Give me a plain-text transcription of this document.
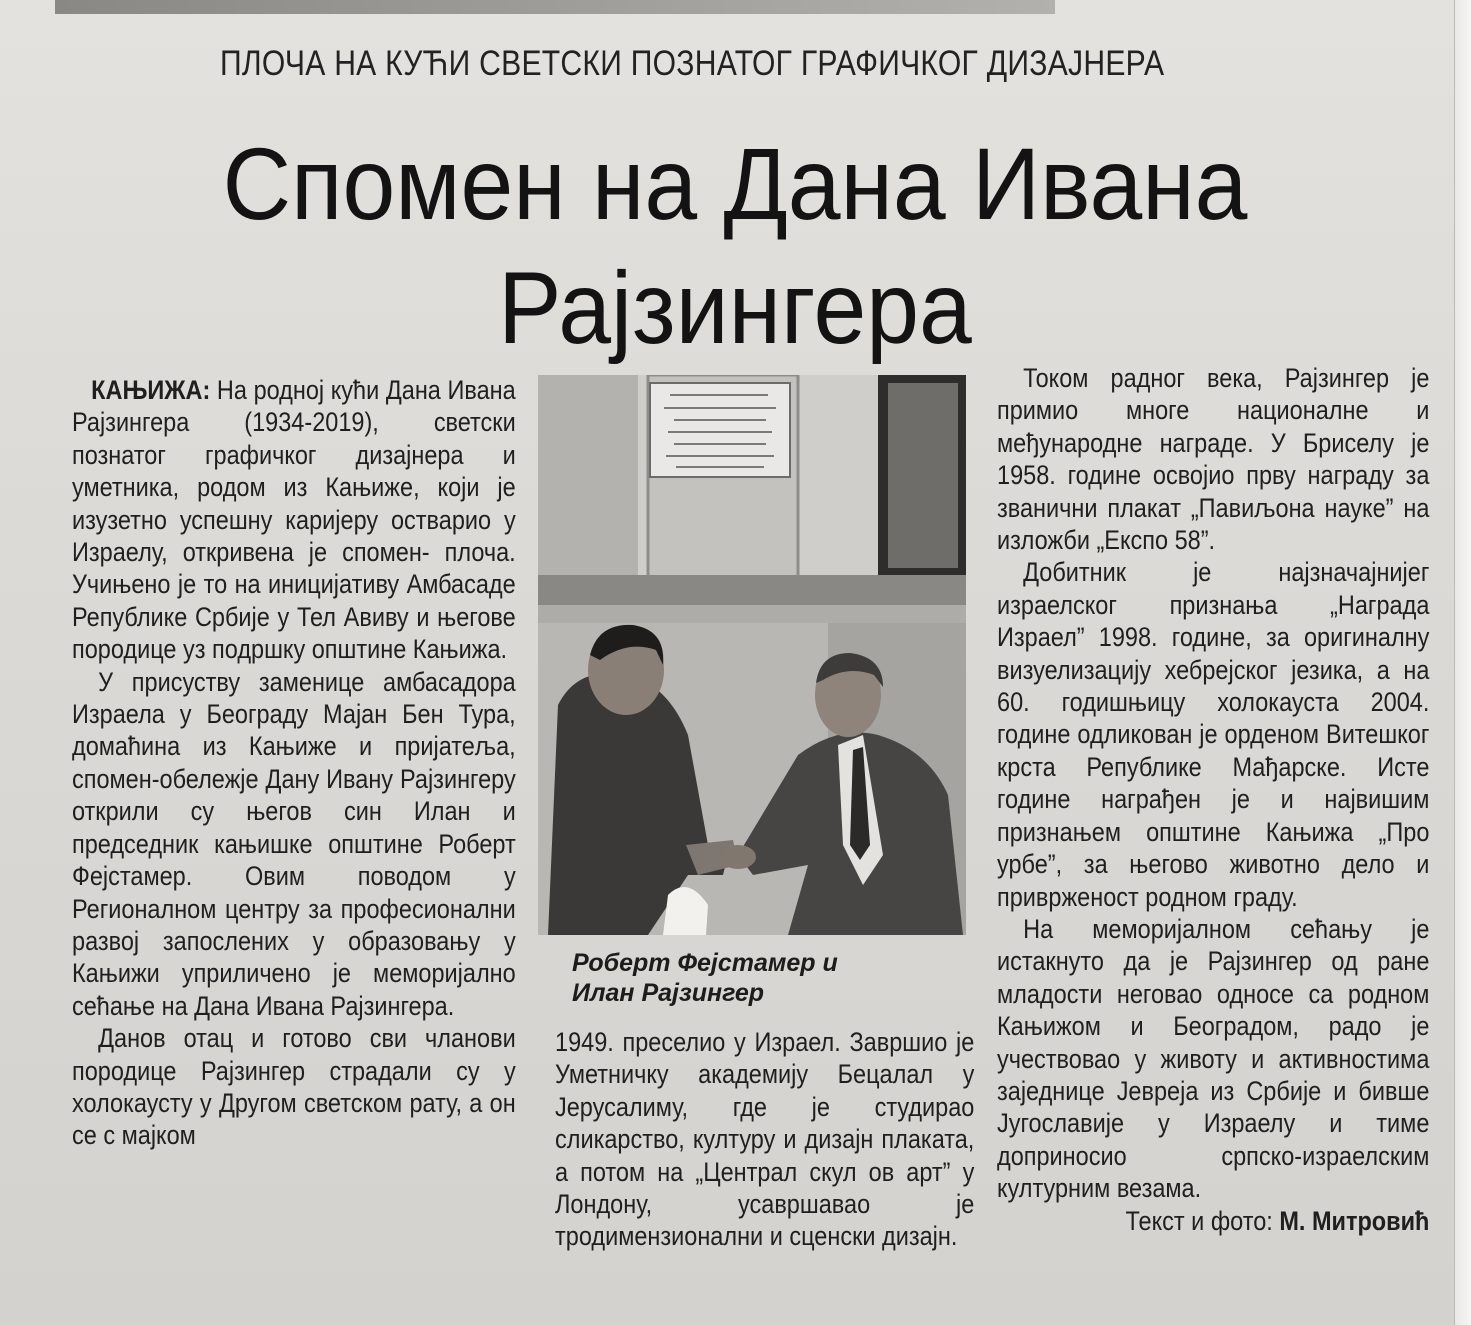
ПЛОЧА НА КУЋИ СВЕТСКИ ПОЗНАТОГ ГРАФИЧКОГ ДИЗАЈНЕРА
Спомен на Дана Ивана
Рајзингера

КАЊИЖА: На родној кући Дана Ивана Рајзингера (1934-2019), светски познатог графичког дизајнера и уметника, родом из Кањиже, који је изузетно успешну каријеру остварио у Израелу, откривена је спомен- плоча. Учињено је то на иницијативу Амбасаде Републике Србије у Тел Авиву и његове породице уз подршку општине Кањижа.

У присуству заменице амбасадора Израела у Београду Мајан Бен Тура, домаћина из Кањиже и пријатеља, спомен-обележје Дану Ивану Рајзингеру открили су његов син Илан и председник кањишке општине Роберт Фејстамер. Овим поводом у Регионалном центру за професионални развој запослених у образовању у Кањижи уприличено је меморијално сећање на Дана Ивана Рајзингера.

Данов отац и готово сви чланови породице Рајзингер страдали су у холокаусту у Другом светском рату, а он се с мајком

Роберт Фејстамер и
Илан Рајзингер

1949. преселио у Израел. Завршио је Уметничку академију Бецалал у Јерусалиму, где је студирао сликарство, културу и дизајн плаката, а потом на „Централ скул ов арт” у Лондону, усавршавао је тродимензионални и сценски дизајн.

Током радног века, Рајзингер је примио многе националне и међународне награде. У Бриселу је 1958. године освојио прву награду за званични плакат „Павиљона науке” на изложби „Експо 58”.

Добитник је најзначајнијег израелског признања „Награда Израел” 1998. године, за оригиналну визуелизацију хебрејског језика, а на 60. годишњицу холокауста 2004. године одликован је орденом Витешког крста Републике Мађарске. Исте године награђен је и највишим признањем општине Кањижа „Про урбе”, за његово животно дело и привржeност родном граду.

На меморијалном сећању је истакнуто да је Рајзингер од ране младости неговао односе са родном Кањижом и Београдом, радо је учествовао у животу и активностима заједнице Јевреја из Србије и бивше Југославије у Израелу и тиме доприносио српско-израелским културним везама.

Текст и фото: М. Митровић
